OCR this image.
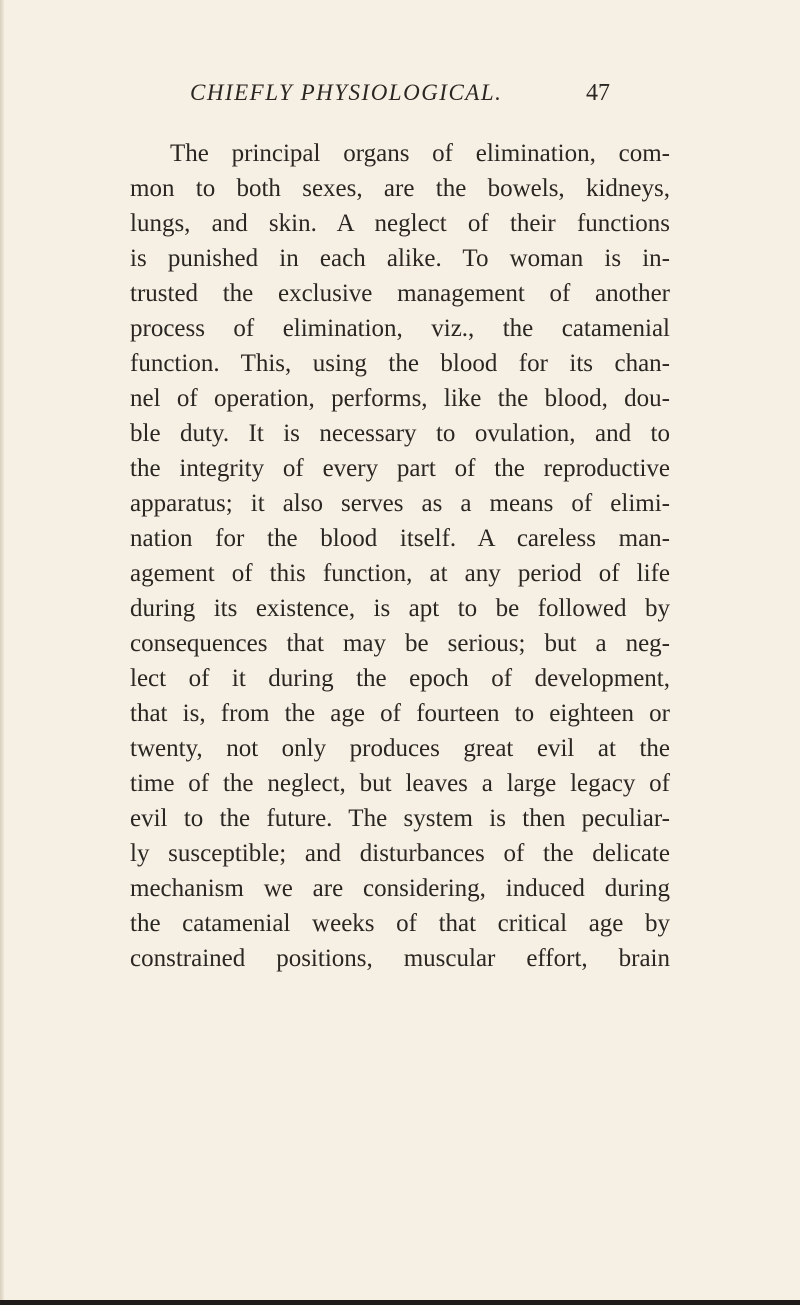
CHIEFLY PHYSIOLOGICAL.	47
The principal organs of elimination, com-
mon to both sexes, are the bowels, kidneys,
lungs, and skin. A neglect of their functions
is punished in each alike. To woman is in-
trusted the exclusive management of another
process of elimination, viz., the catamenial
function. This, using the blood for its chan-
nel of operation, performs, like the blood, dou-
ble duty. It is necessary to ovulation, and to
the integrity of every part of the reproductive
apparatus; it also serves as a means of elimi-
nation for the blood itself. A careless man-
agement of this function, at any period of life
during its existence, is apt to be followed by
consequences that may be serious; but a neg-
lect of it during the epoch of development,
that is, from the age of fourteen to eighteen or
twenty, not only produces great evil at the
time of the neglect, but leaves a large legacy of
evil to the future. The system is then peculiar-
ly susceptible; and disturbances of the delicate
mechanism we are considering, induced during
the catamenial weeks of that critical age by
constrained positions, muscular effort, brain
